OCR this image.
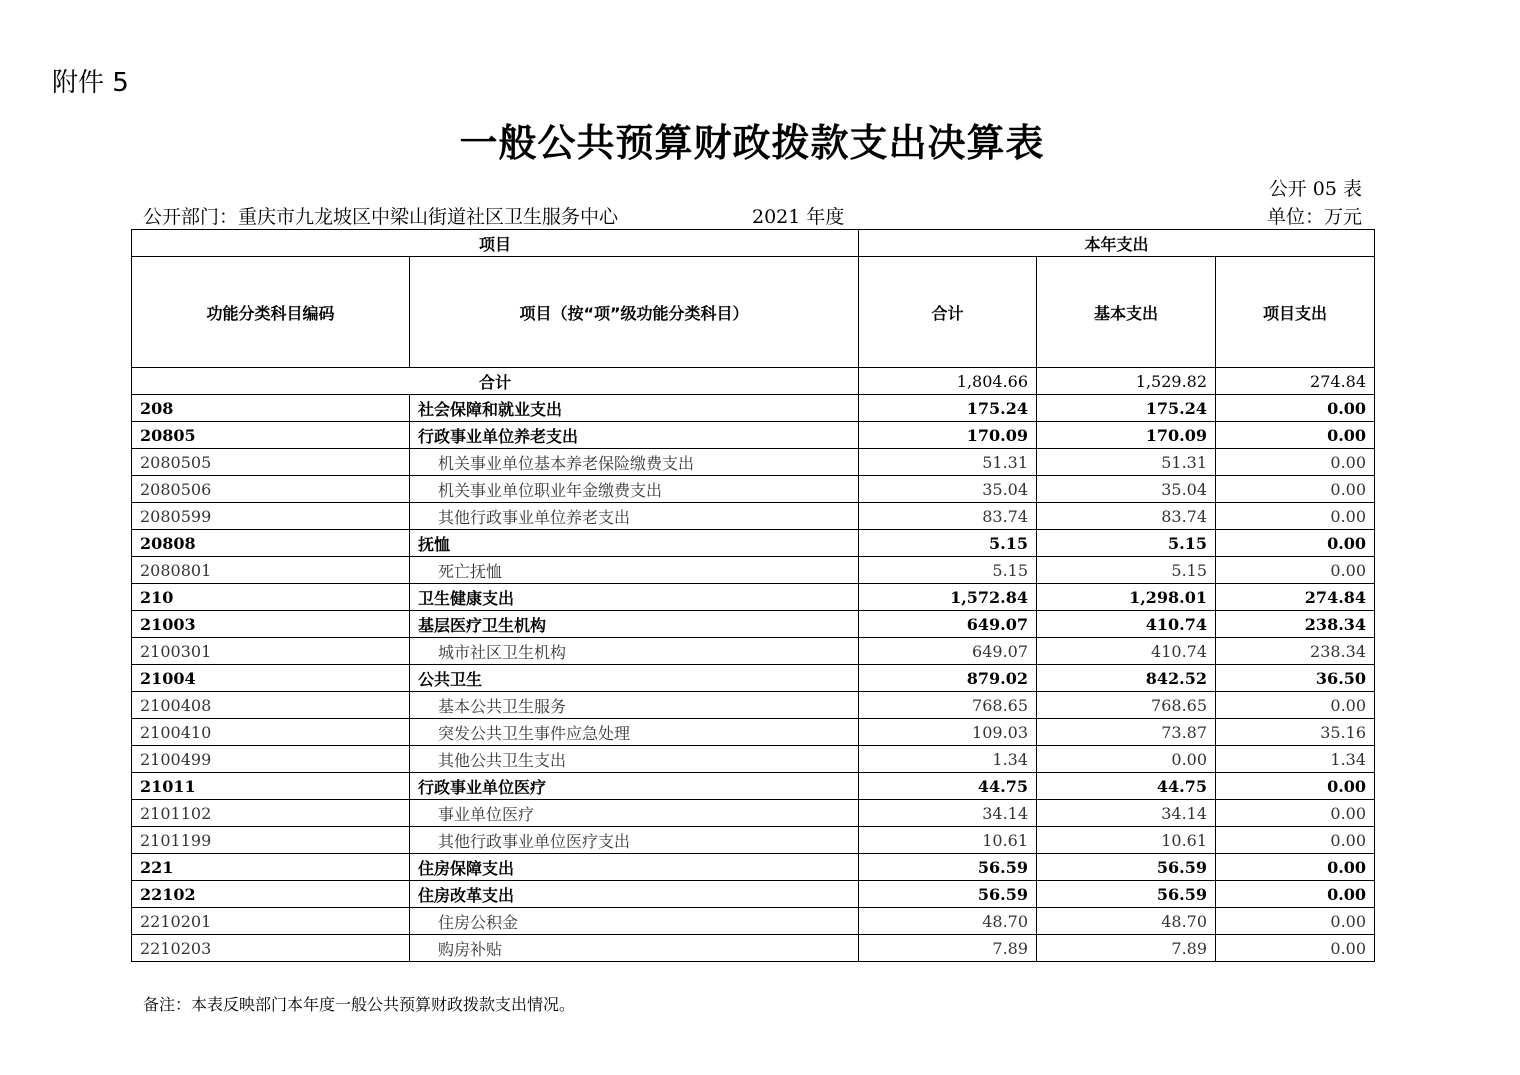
附件 5
一般公共预算财政拨款支出决算表
公开 05 表
公开部门：重庆市九龙坡区中梁山街道社区卫生服务中心	2021 年度	单位：万元
项目		本年支出		
功能分类科目编码	项目（按“项”级功能分类科目）	合计	基本支出	项目支出
合计		1,804.66	1,529.82	274.84
208	社会保障和就业支出	175.24	175.24	0.00
20805	行政事业单位养老支出	170.09	170.09	0.00
2080505	机关事业单位基本养老保险缴费支出	51.31	51.31	0.00
2080506	机关事业单位职业年金缴费支出	35.04	35.04	0.00
2080599	其他行政事业单位养老支出	83.74	83.74	0.00
20808	抚恤	5.15	5.15	0.00
2080801	死亡抚恤	5.15	5.15	0.00
210	卫生健康支出	1,572.84	1,298.01	274.84
21003	基层医疗卫生机构	649.07	410.74	238.34
2100301	城市社区卫生机构	649.07	410.74	238.34
21004	公共卫生	879.02	842.52	36.50
2100408	基本公共卫生服务	768.65	768.65	0.00
2100410	突发公共卫生事件应急处理	109.03	73.87	35.16
2100499	其他公共卫生支出	1.34	0.00	1.34
21011	行政事业单位医疗	44.75	44.75	0.00
2101102	事业单位医疗	34.14	34.14	0.00
2101199	其他行政事业单位医疗支出	10.61	10.61	0.00
221	住房保障支出	56.59	56.59	0.00
22102	住房改革支出	56.59	56.59	0.00
2210201	住房公积金	48.70	48.70	0.00
2210203	购房补贴	7.89	7.89	0.00
备注：本表反映部门本年度一般公共预算财政拨款支出情况。
